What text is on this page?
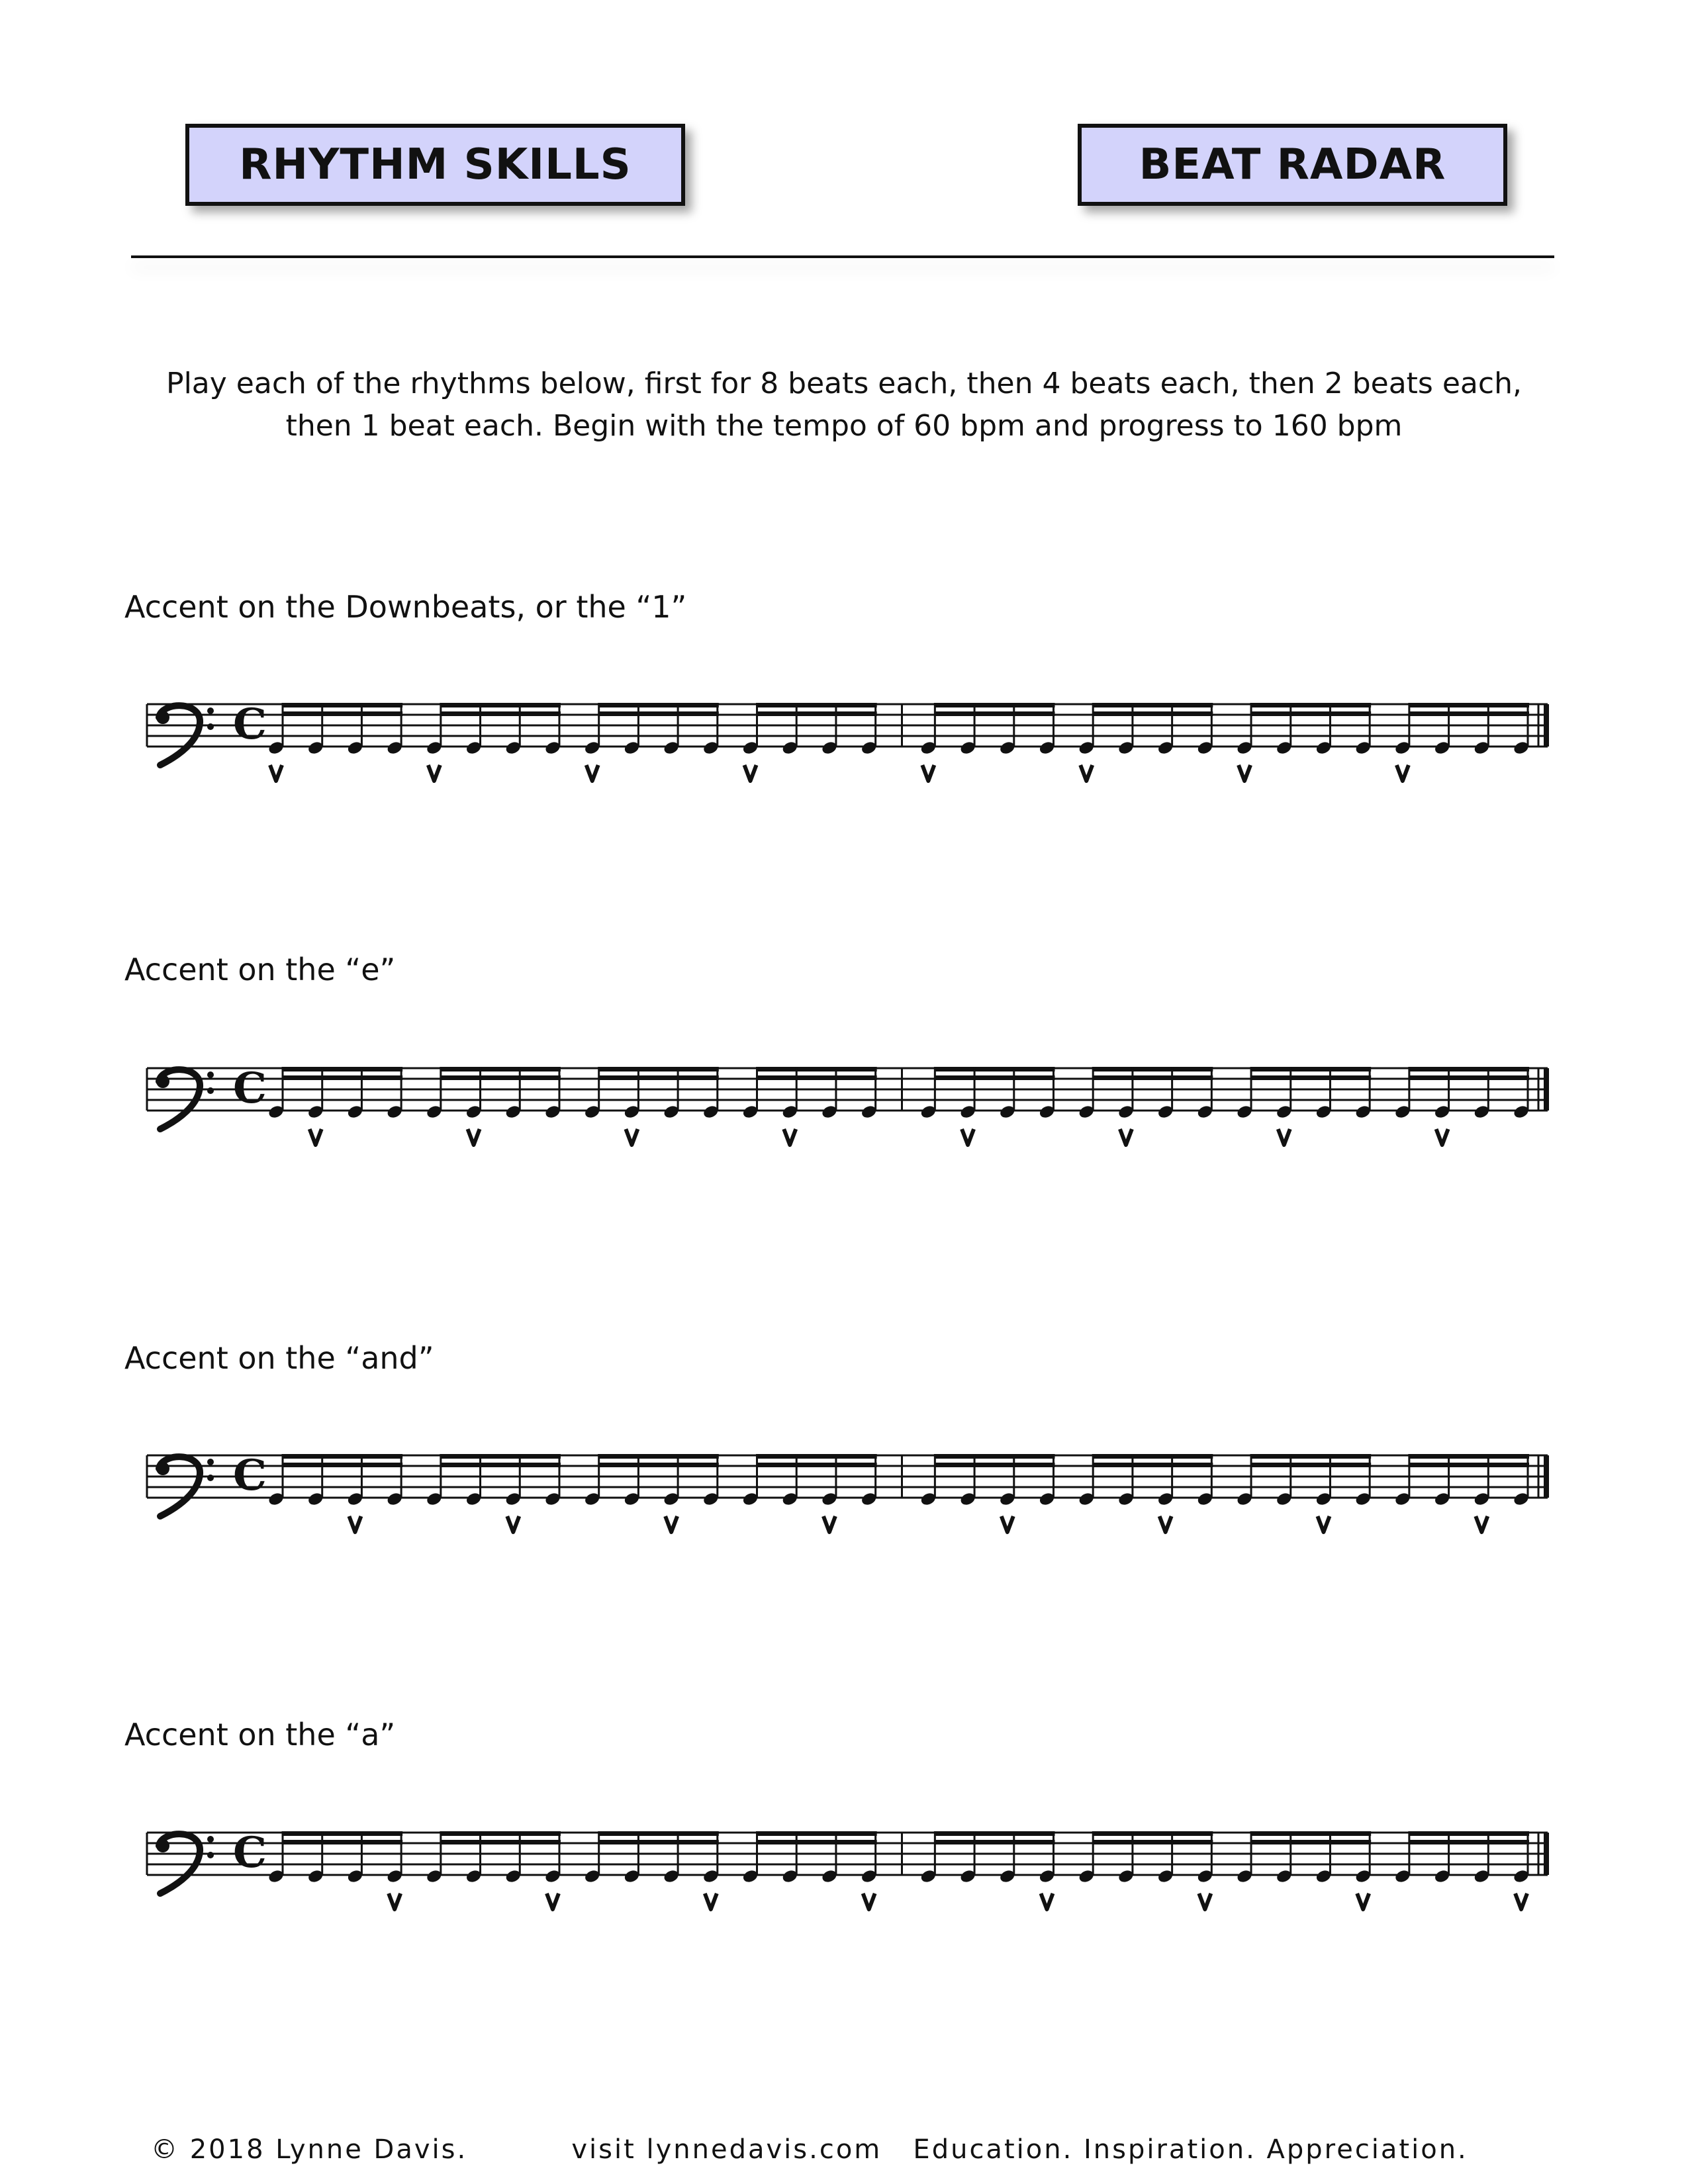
RHYTHM SKILLS	BEAT RADAR
Play each of the rhythms below, first for 8 beats each, then 4 beats each, then 2 beats each,
then 1 beat each. Begin with the tempo of 60 bpm and progress to 160 bpm
Accent on the Downbeats, or the “1”
C
Accent on the “e”
C
Accent on the “and”
C
Accent on the “a”
C
© 2018 Lynne Davis.	visit lynnedavis.com Education. Inspiration. Appreciation.
